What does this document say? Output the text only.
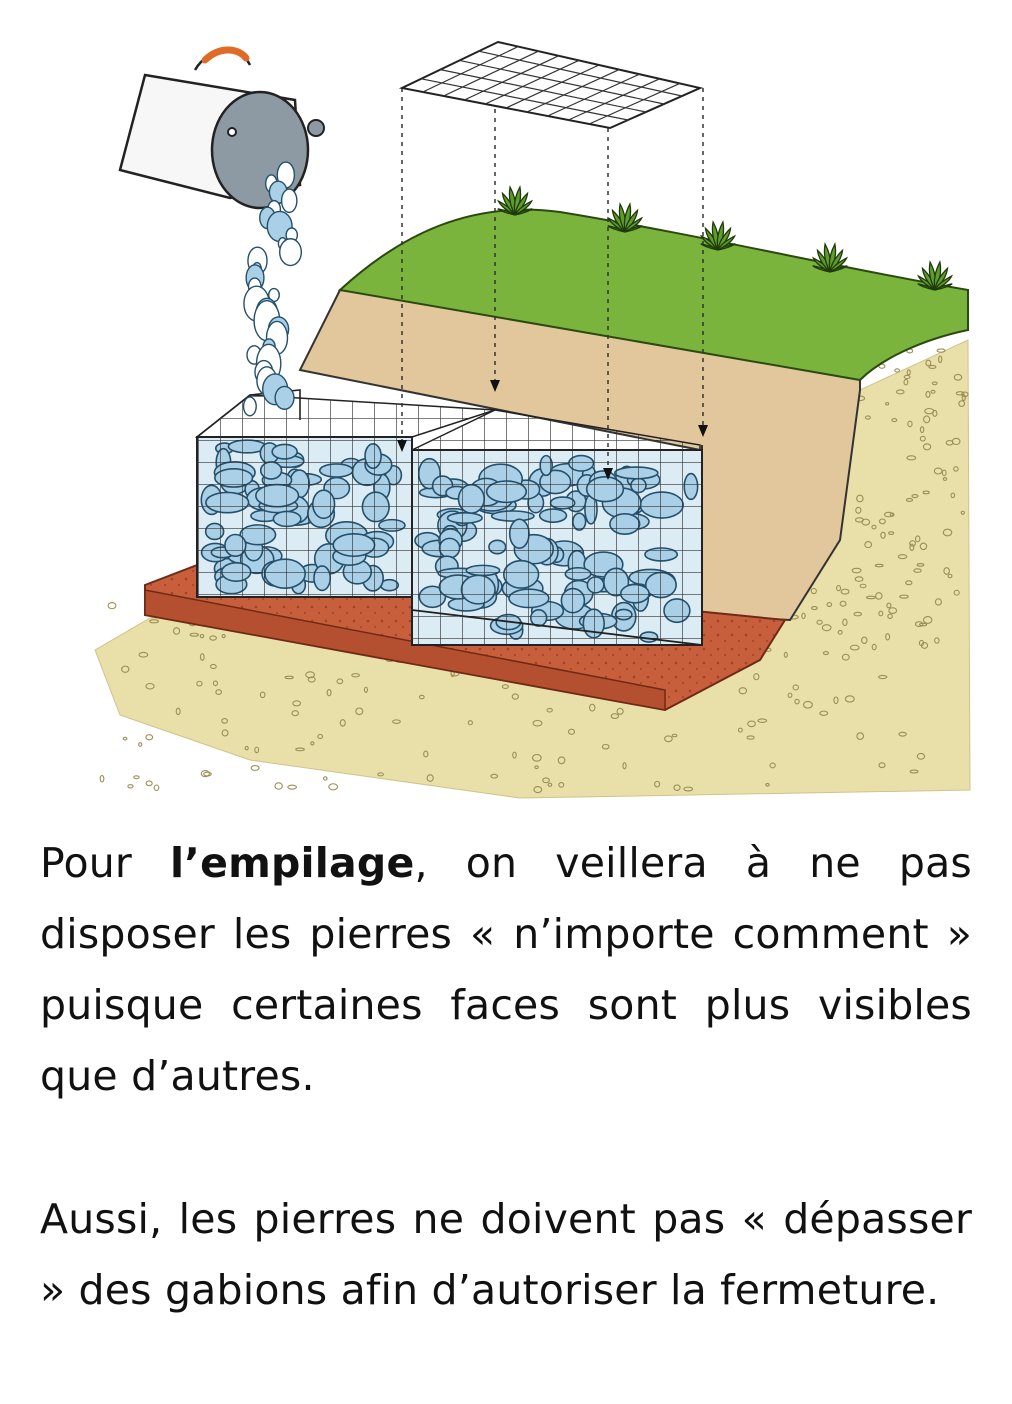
Pour l’empilage, on veillera à ne pas disposer les pierres « n’importe comment » puisque certaines faces sont plus visibles que d’autres.

Aussi, les pierres ne doivent pas « dépasser » des gabions afin d’autoriser la fermeture.
